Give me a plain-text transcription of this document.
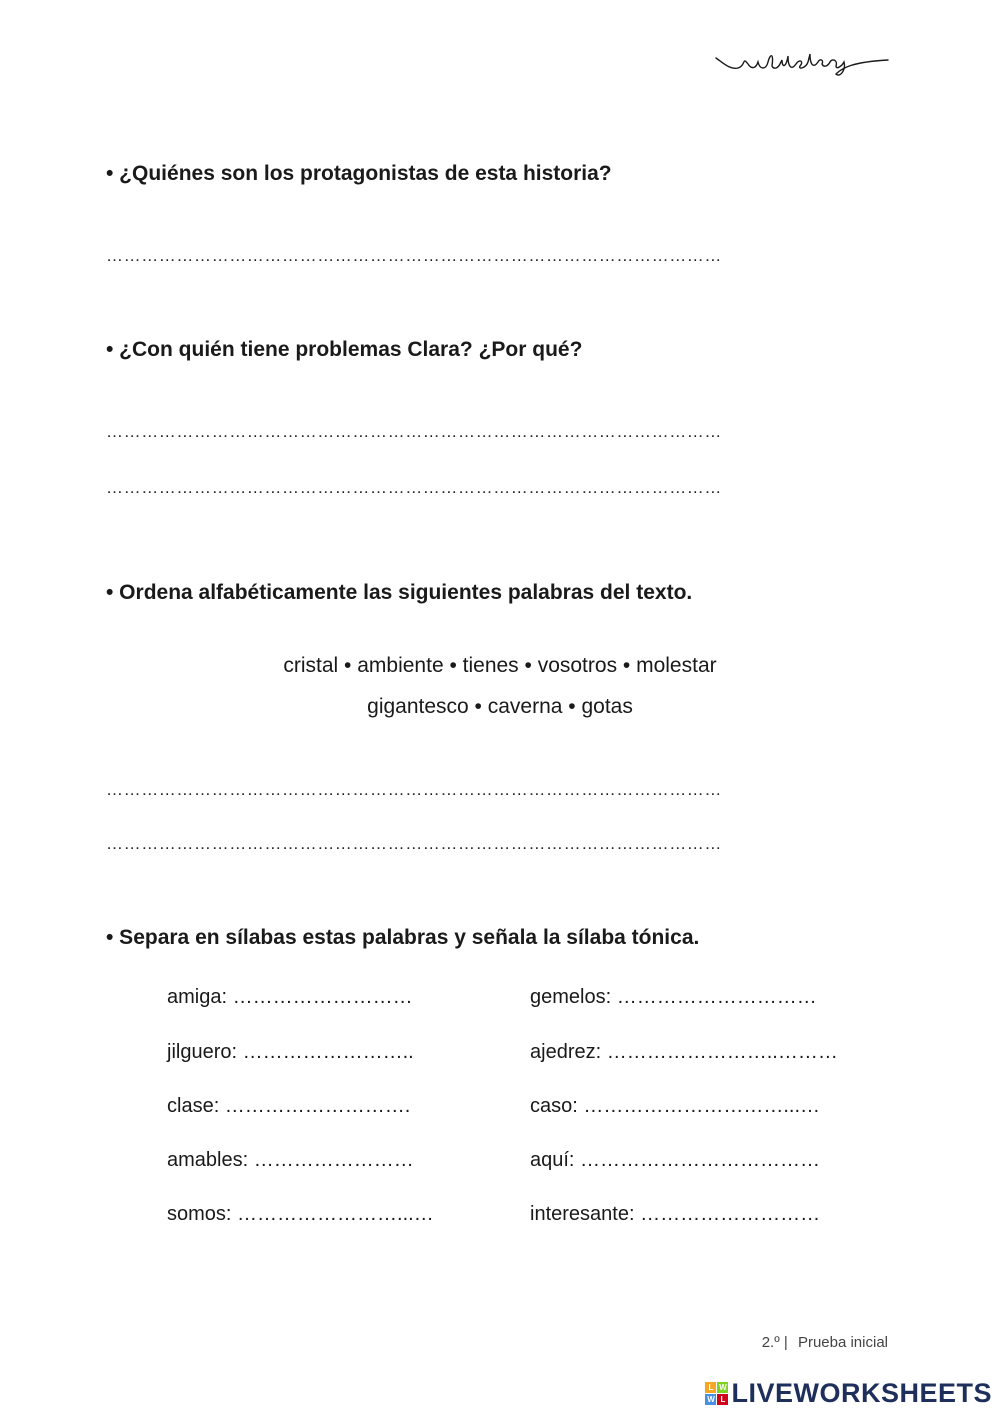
• ¿Quiénes son los protagonistas de esta historia?
……………………………………………………………………………………………
• ¿Con quién tiene problemas Clara? ¿Por qué?
……………………………………………………………………………………………
……………………………………………………………………………………………
• Ordena alfabéticamente las siguientes palabras del texto.
cristal • ambiente • tienes • vosotros • molestar
gigantesco • caverna • gotas
……………………………………………………………………………………………
……………………………………………………………………………………………
• Separa en sílabas estas palabras y señala la sílaba tónica.
amiga: ………………………
jilguero: ……………………..
clase: ……………………….
amables: ……………………
somos: ……………………...…
gemelos: …………………………
ajedrez: ……………………..………
caso: …………………………...…
aquí: ………………………………
interesante: ………………………
2.º | Prueba inicial
L W
W L LIVEWORKSHEETS
